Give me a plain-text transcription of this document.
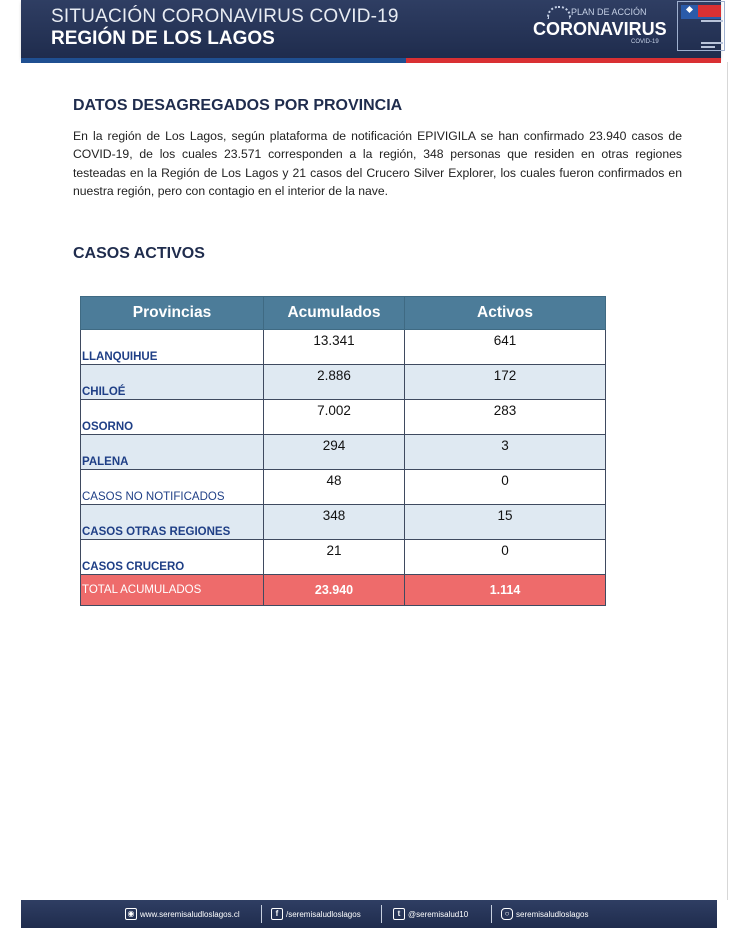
SITUACIÓN CORONAVIRUS COVID-19
REGIÓN DE LOS LAGOS
PLAN DE ACCIÓN
CORONAVIRUS
COVID-19
DATOS DESAGREGADOS POR PROVINCIA
En la región de Los Lagos, según plataforma de notificación EPIVIGILA se han confirmado 23.940 casos de COVID-19, de los cuales 23.571 corresponden a la región, 348 personas que residen en otras regiones testeadas en la Región de Los Lagos y 21 casos del Crucero Silver Explorer, los cuales fueron confirmados en nuestra región, pero con contagio en el interior de la nave.
CASOS ACTIVOS
Provincias	Acumulados	Activos
LLANQUIHUE	13.341	641
CHILOÉ	2.886	172
OSORNO	7.002	283
PALENA	294	3
CASOS NO NOTIFICADOS	48	0
CASOS OTRAS REGIONES	348	15
CASOS CRUCERO	21	0
TOTAL ACUMULADOS	23.940	1.114
◉ www.seremisaludloslagos.cl	f /seremisaludloslagos	t @seremisalud10	○ seremisaludloslagos
